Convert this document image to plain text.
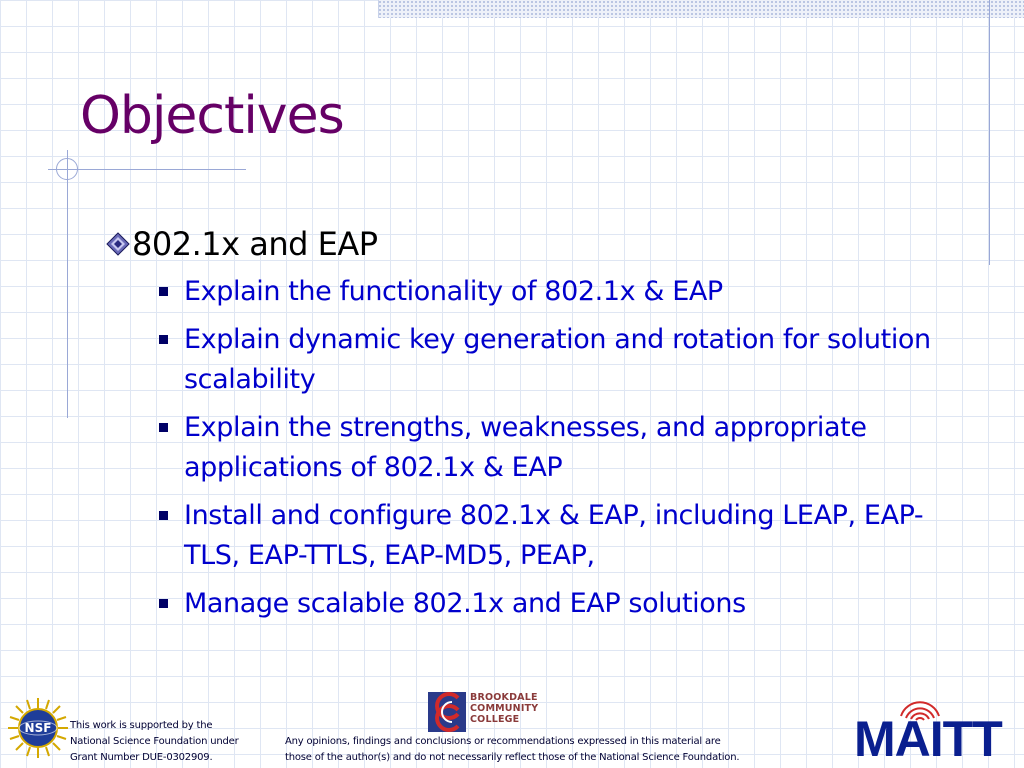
Objectives
802.1x and EAP
Explain the functionality of 802.1x & EAP
Explain dynamic key generation and rotation for solution scalability
Explain the strengths, weaknesses, and appropriate applications of 802.1x & EAP
Install and configure 802.1x & EAP, including LEAP, EAP-TLS, EAP-TTLS, EAP-MD5, PEAP,
Manage scalable 802.1x and EAP solutions
NSF This work is supported by the
National Science Foundation under
Grant Number DUE-0302909.
Any opinions, findings and conclusions or recommendations expressed in this material are
those of the author(s) and do not necessarily reflect those of the National Science Foundation.
BROOKDALE
COMMUNITY
COLLEGE	MAITT
